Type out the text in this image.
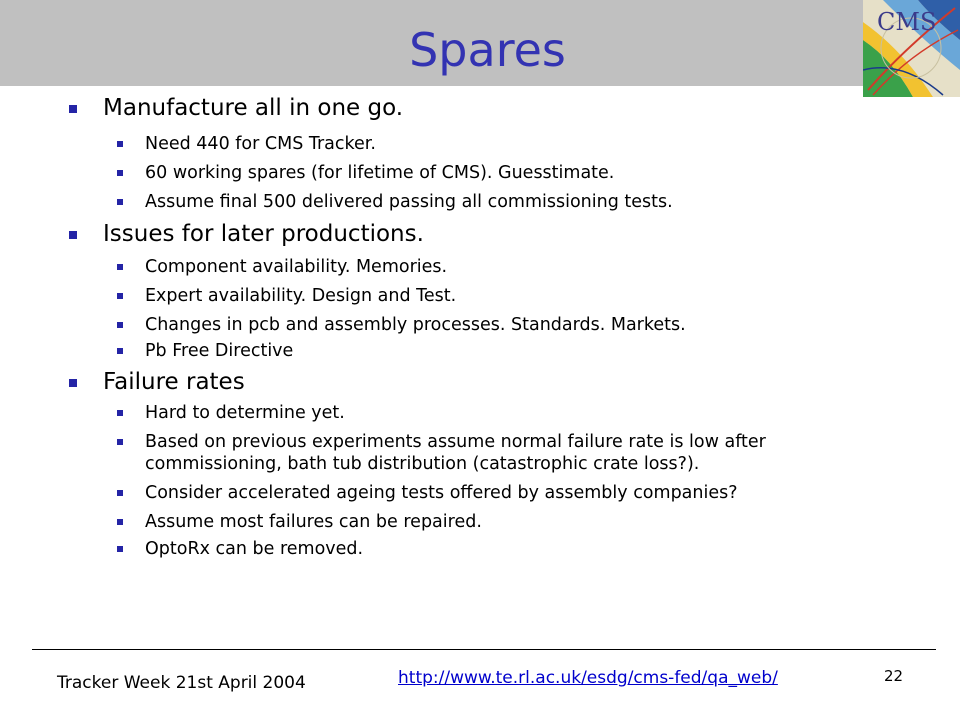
Spares
CMS
Manufacture all in one go.
Need 440 for CMS Tracker.
60 working spares (for lifetime of CMS). Guesstimate.
Assume final 500 delivered passing all commissioning tests.
Issues for later productions.
Component availability. Memories.
Expert availability. Design and Test.
Changes in pcb and assembly processes. Standards. Markets.
Pb Free Directive
Failure rates
Hard to determine yet.
Based on previous experiments assume normal failure rate is low after
commissioning, bath tub distribution (catastrophic crate loss?).
Consider accelerated ageing tests offered by assembly companies?
Assume most failures can be repaired.
OptoRx can be removed.
Tracker Week 21st April 2004	http://www.te.rl.ac.uk/esdg/cms-fed/qa_web/	22
